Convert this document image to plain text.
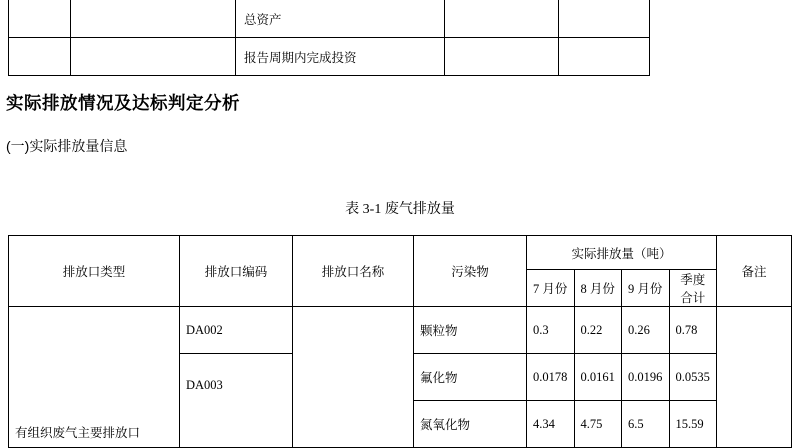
		总资产		
		报告周期内完成投资		
实际排放情况及达标判定分析
(一)实际排放量信息
表 3-1 废气排放量
排放口类型	排放口编码	排放口名称	污染物	实际排放量（吨）				备注
				7 月份	8 月份	9 月份	季度合计	
有组织废气主要排放口	DA002		颗粒物	0.3	0.22	0.26	0.78	
	DA003		氟化物	0.0178	0.0161	0.0196	0.0535	
			氮氧化物	4.34	4.75	6.5	15.59	
